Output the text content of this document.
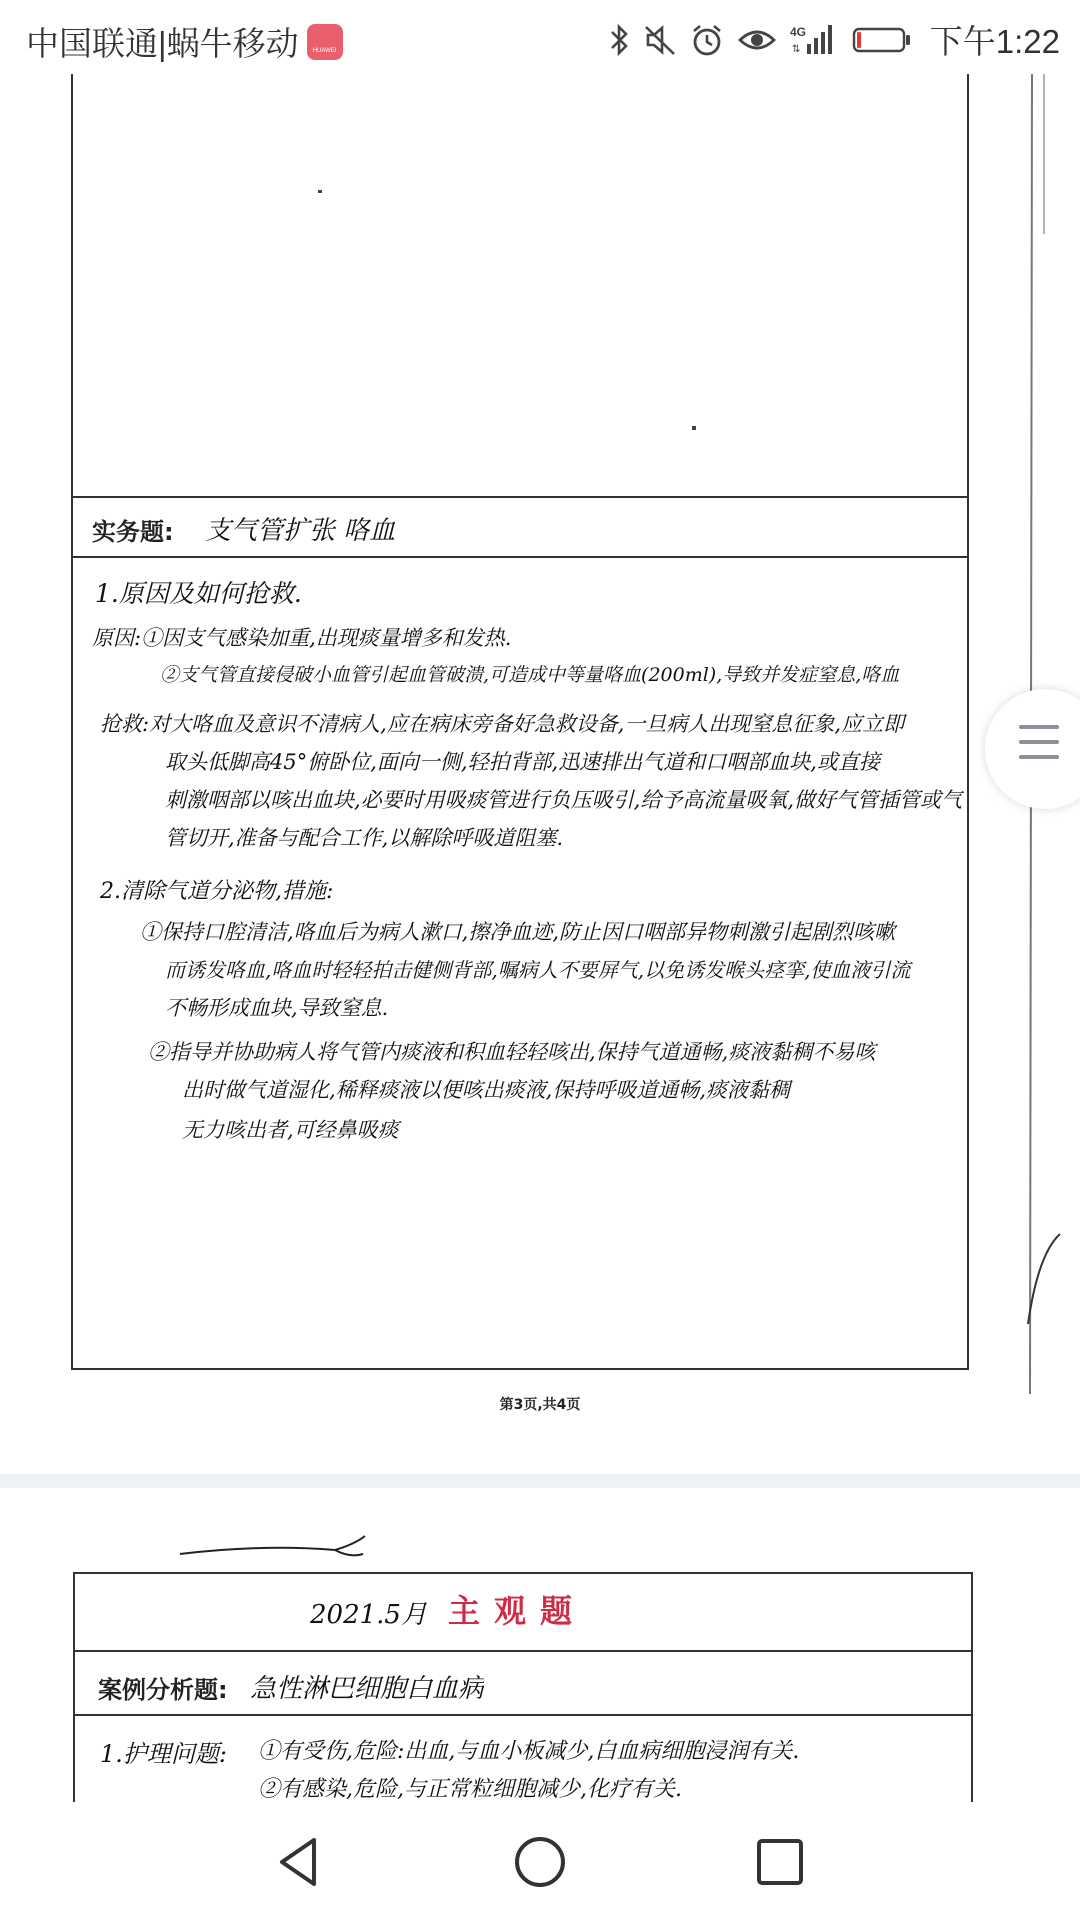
中国联通|蜗牛移动	HUAWEI
4G
⇅	下午1:22
实务题: 支气管扩张 咯血
1.原因及如何抢救.
原因:①因支气感染加重,出现痰量增多和发热.
②支气管直接侵破小血管引起血管破溃,可造成中等量咯血(200ml),导致并发症窒息,咯血
抢救:对大咯血及意识不清病人,应在病床旁备好急救设备,一旦病人出现窒息征象,应立即
取头低脚高45°俯卧位,面向一侧,轻拍背部,迅速排出气道和口咽部血块,或直接
刺激咽部以咳出血块,必要时用吸痰管进行负压吸引,给予高流量吸氧,做好气管插管或气
管切开,准备与配合工作,以解除呼吸道阻塞.
2.清除气道分泌物,措施:
①保持口腔清洁,咯血后为病人漱口,擦净血迹,防止因口咽部异物刺激引起剧烈咳嗽
而诱发咯血,咯血时轻轻拍击健侧背部,嘱病人不要屏气,以免诱发喉头痉挛,使血液引流
不畅形成血块,导致窒息.
②指导并协助病人将气管内痰液和积血轻轻咳出,保持气道通畅,痰液黏稠不易咳
出时做气道湿化,稀释痰液以便咳出痰液,保持呼吸道通畅,痰液黏稠
无力咳出者,可经鼻吸痰
第3页,共4页
2021.5月 主观题
案例分析题: 急性淋巴细胞白血病
1.护理问题: ①有受伤,危险:出血,与血小板减少,白血病细胞浸润有关.
②有感染,危险,与正常粒细胞减少,化疗有关.
